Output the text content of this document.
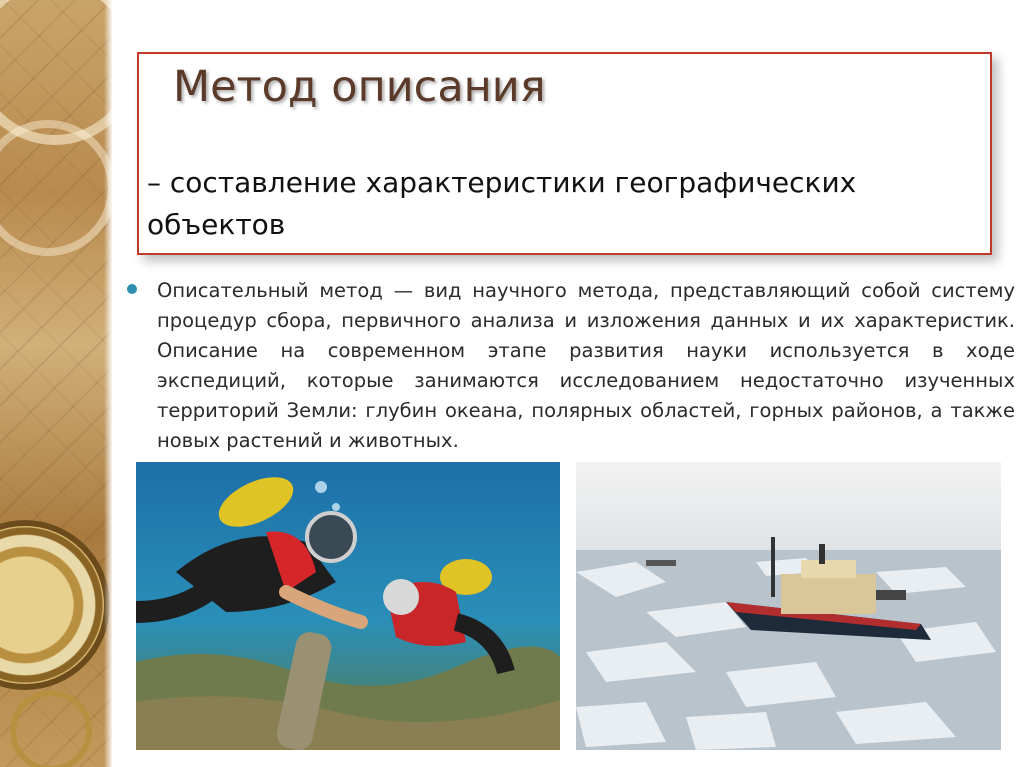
Метод описания

– составление характеристики географических объектов

Описательный метод — вид научного метода, представляющий собой систему процедур сбора, первичного анализа и изложения данных и их характеристик. Описание на современном этапе развития науки используется в ходе экспедиций, которые занимаются исследованием недостаточно изученных территорий Земли: глубин океана, полярных областей, горных районов, а также новых растений и животных.
